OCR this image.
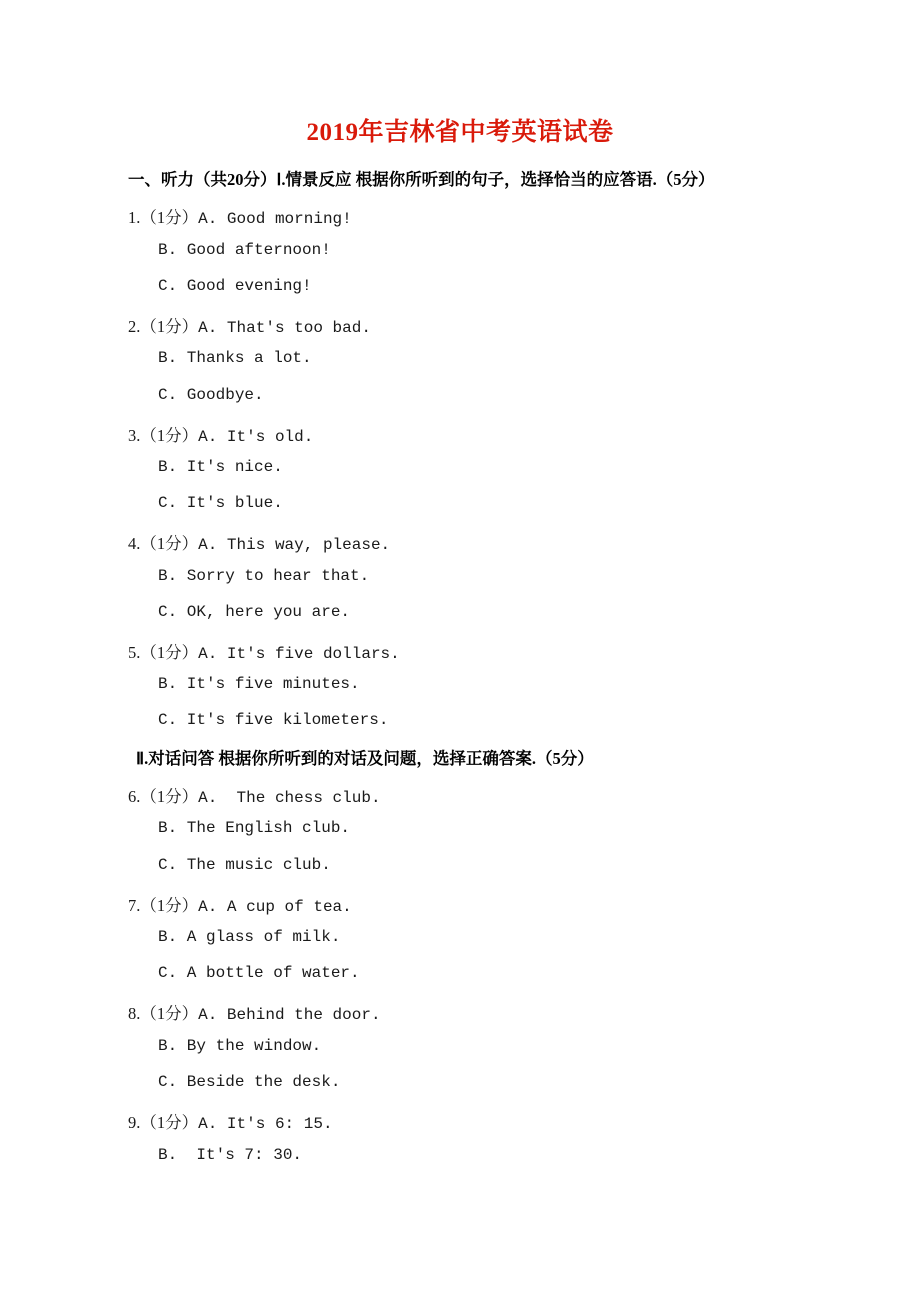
2019年吉林省中考英语试卷
一、听力（共20分）Ⅰ.情景反应 根据你所听到的句子，选择恰当的应答语.（5分）
1.（1分）A. Good morning!
B. Good afternoon!
C. Good evening!
2.（1分）A. That's too bad.
B. Thanks a lot.
C. Goodbye.
3.（1分）A. It's old.
B. It's nice.
C. It's blue.
4.（1分）A. This way, please.
B. Sorry to hear that.
C. OK, here you are.
5.（1分）A. It's five dollars.
B. It's five minutes.
C. It's five kilometers.
Ⅱ.对话问答 根据你所听到的对话及问题，选择正确答案.（5分）
6.（1分）A.  The chess club.
B. The English club.
C. The music club.
7.（1分）A. A cup of tea.
B. A glass of milk.
C. A bottle of water.
8.（1分）A. Behind the door.
B. By the window.
C. Beside the desk.
9.（1分）A. It's 6: 15.
B.  It's 7: 30.
